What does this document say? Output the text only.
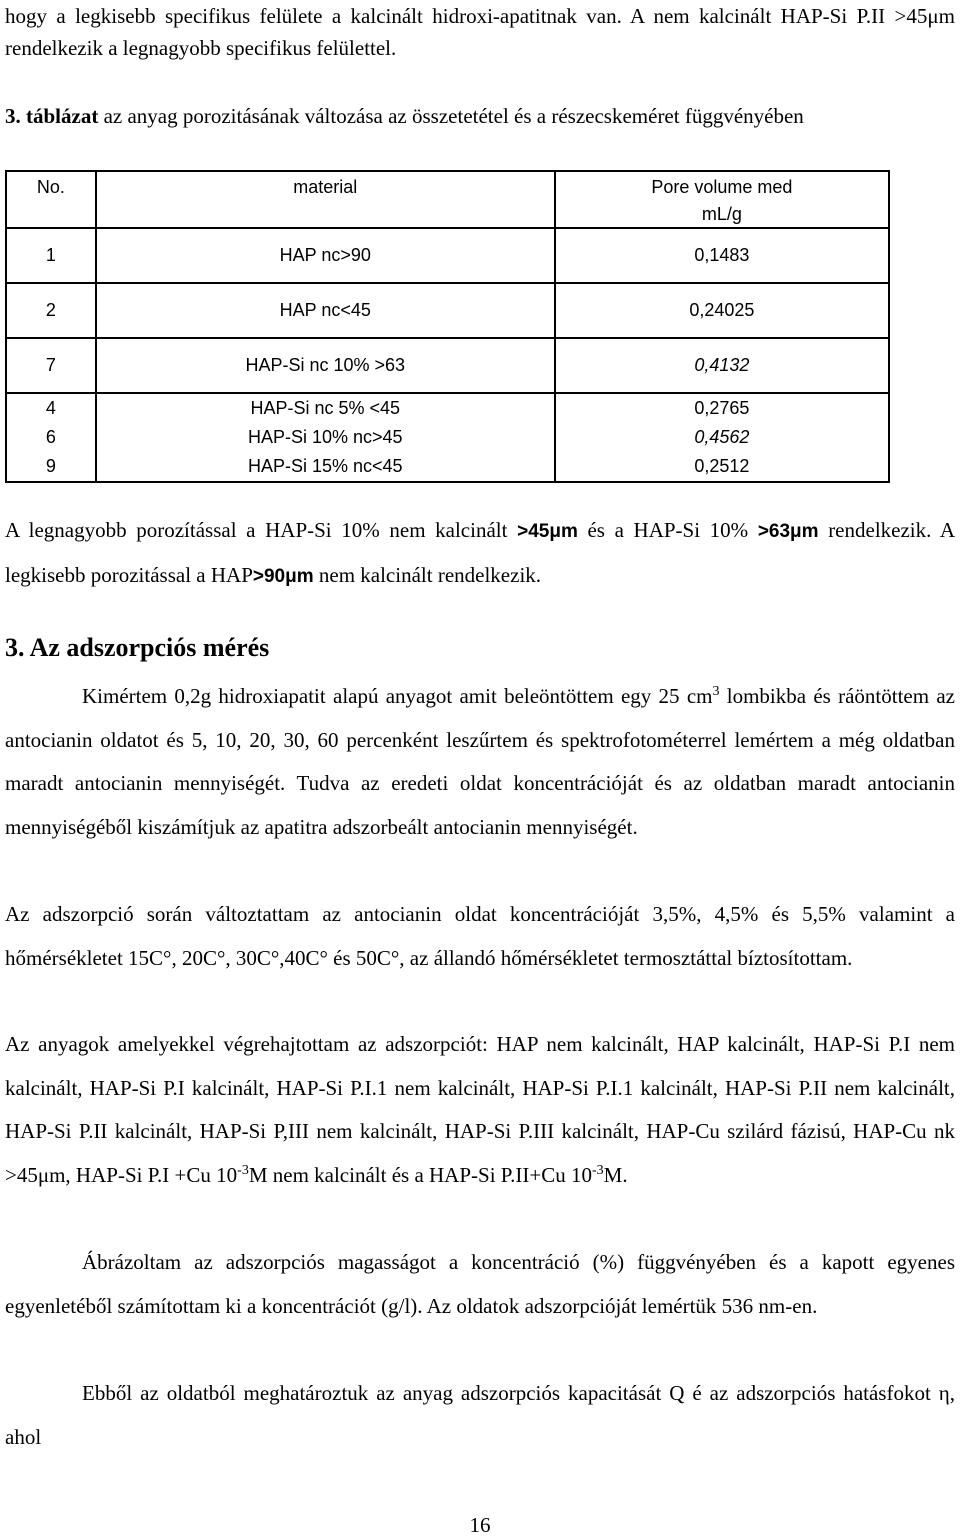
hogy a legkisebb specifikus felülete a kalcinált hidroxi-apatitnak van. A nem kalcinált HAP-Si P.II >45μm rendelkezik a legnagyobb specifikus felülettel.

3. táblázat az anyag porozitásának változása az összetetétel és a részecskeméret függvényében

No.	material	Pore volume med
		mL/g
1	HAP nc>90	0,1483
2	HAP nc<45	0,24025
7	HAP-Si nc 10% >63	0,4132
4	HAP-Si nc 5% <45	0,2765
6	HAP-Si 10% nc>45	0,4562
9	HAP-Si 15% nc<45	0,2512

A legnagyobb porozítással a HAP-Si 10% nem kalcinált >45μm és a HAP-Si 10% >63μm rendelkezik. A legkisebb porozitással a HAP>90μm nem kalcinált rendelkezik.

3. Az adszorpciós mérés

Kimértem 0,2g hidroxiapatit alapú anyagot amit beleöntöttem egy 25 $cm^3$ lombikba és ráöntöttem az antocianin oldatot és 5, 10, 20, 30, 60 percenként leszűrtem és spektrofotométerrel lemértem a még oldatban maradt antocianin mennyiségét. Tudva az eredeti oldat koncentrációját és az oldatban maradt antocianin mennyiségéből kiszámítjuk az apatitra adszorbeált antocianin mennyiségét.

Az adszorpció során változtattam az antocianin oldat koncentrációját 3,5%, 4,5% és 5,5% valamint a hőmérsékletet 15C°, 20C°, 30C°,40C° és 50C°, az állandó hőmérsékletet termosztáttal bíztosítottam.

Az anyagok amelyekkel végrehajtottam az adszorpciót: HAP nem kalcinált, HAP kalcinált, HAP-Si P.I nem kalcinált, HAP-Si P.I kalcinált, HAP-Si P.I.1 nem kalcinált, HAP-Si P.I.1 kalcinált, HAP-Si P.II nem kalcinált, HAP-Si P.II kalcinált, HAP-Si P,III nem kalcinált, HAP-Si P.III kalcinált, HAP-Cu szilárd fázisú, HAP-Cu nk >45μm, HAP-Si P.I +Cu $10^{-3}M$ nem kalcinált és a HAP-Si P.II+Cu $10^{-3}M$.

Ábrázoltam az adszorpciós magasságot a koncentráció (%) függvényében és a kapott egyenes egyenletéből számítottam ki a koncentrációt (g/l). Az oldatok adszorpcióját lemértük 536 nm-en.

Ebből az oldatból meghatároztuk az anyag adszorpciós kapacitását Q é az adszorpciós hatásfokot η, ahol

16
